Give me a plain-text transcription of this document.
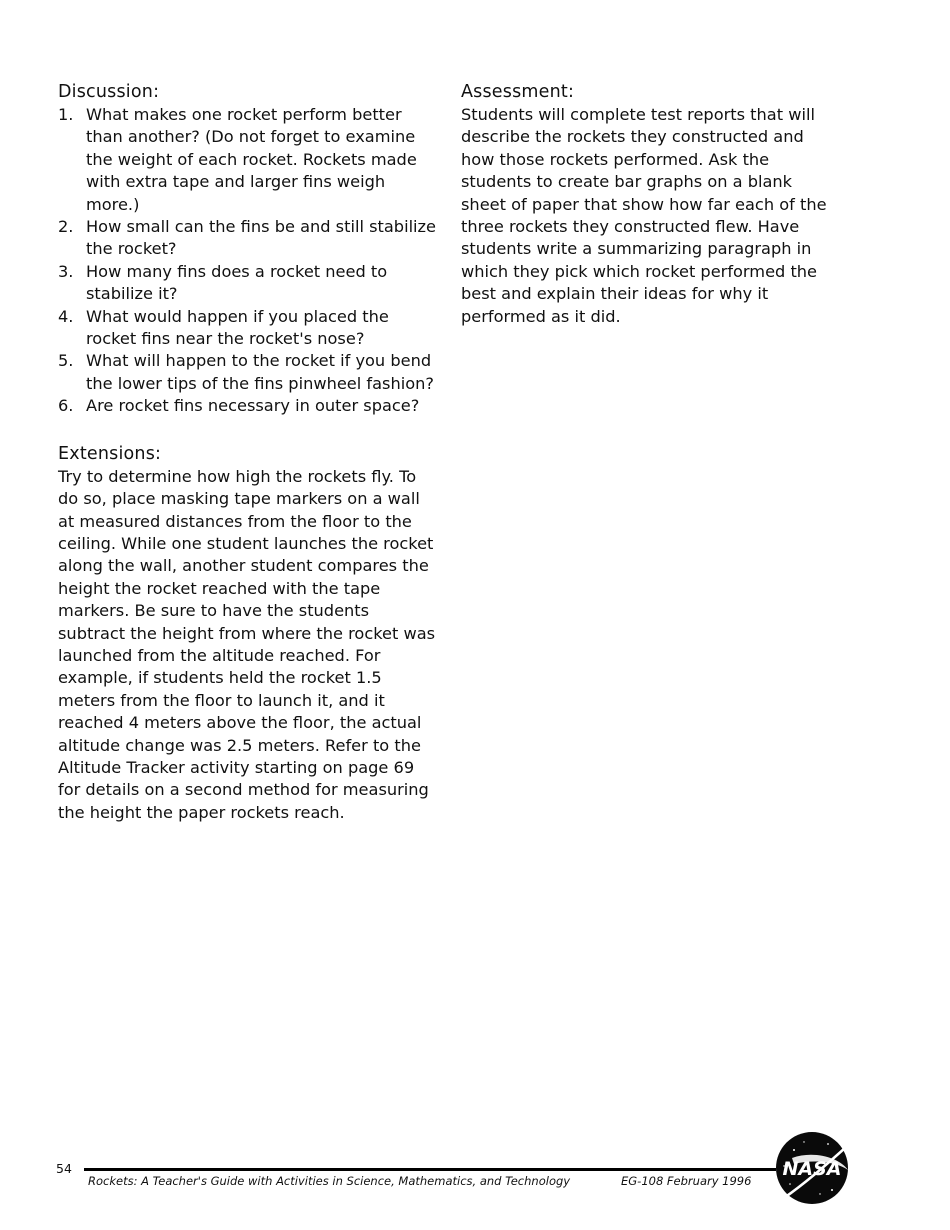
Discussion:
1. What makes one rocket perform better than another? (Do not forget to examine the weight of each rocket. Rockets made with extra tape and larger fins weigh more.)
2. How small can the fins be and still stabilize the rocket?
3. How many fins does a rocket need to stabilize it?
4. What would happen if you placed the rocket fins near the rocket's nose?
5. What will happen to the rocket if you bend the lower tips of the fins pinwheel fashion?
6. Are rocket fins necessary in outer space?
Extensions:

Try to determine how high the rockets fly. To do so, place masking tape markers on a wall at measured distances from the floor to the ceiling. While one student launches the rocket along the wall, another student compares the height the rocket reached with the tape markers. Be sure to have the students subtract the height from where the rocket was launched from the altitude reached. For example, if students held the rocket 1.5 meters from the floor to launch it, and it reached 4 meters above the floor, the actual altitude change was 2.5 meters. Refer to the Altitude Tracker activity starting on page 69 for details on a second method for measuring the height the paper rockets reach.

Assessment:

Students will complete test reports that will describe the rockets they constructed and how those rockets performed. Ask the students to create bar graphs on a blank sheet of paper that show how far each of the three rockets they constructed flew. Have students write a summarizing paragraph in which they pick which rocket performed the best and explain their ideas for why it performed as it did.

54
Rockets: A Teacher's Guide with Activities in Science, Mathematics, and Technology	EG-108 February 1996
NASA
